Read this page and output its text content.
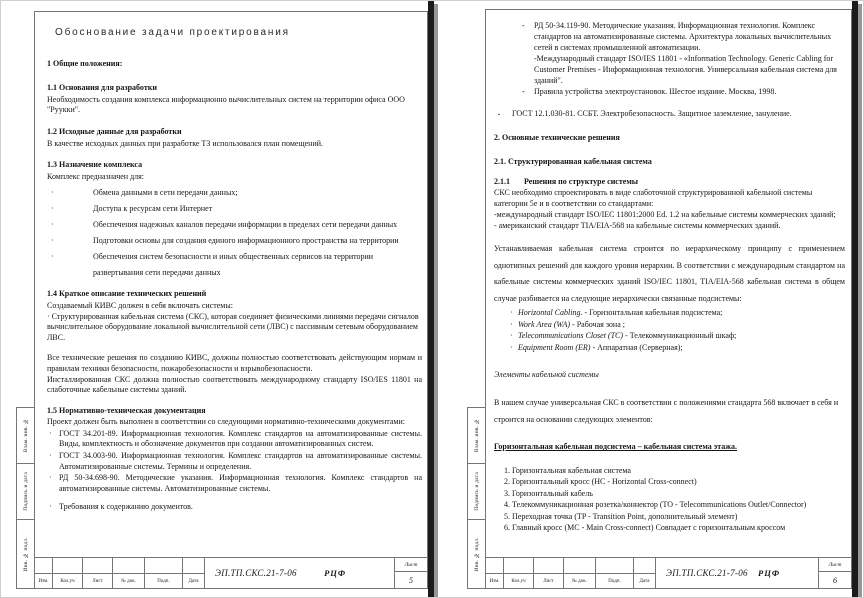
Взам. инв. №
Подпись и дата
Инв. № подл.
Взам. инв. №
Подпись и дата
Инв. № подл.
Обоснование задачи проектирования

1 Общие положения:

1.1 Основания для разработки

Необходимость создания комплекса информационно вычислительных систем на территории офиса ООО "Руукки".

1.2 Исходные данные для разработки

В качестве исходных данных при разработке ТЗ использовался план помещений.

1.3 Назначение комплекса

Комплекс предназначен для:

· Обмена данными в сети передачи данных;
· Доступа к ресурсам сети Интернет
· Обеспечения надежных каналов передачи информации в пределах сети передачи данных
· Подготовки основы для создания единого информационного пространства на территории
· Обеспечения систем безопасности и иных общественных сервисов на территории развертывания сети передачи данных

1.4 Краткое описание технических решений

Создаваемый КИВС должен в себя включать системы:

· Структурированная кабельная система (СКС), которая соединяет физическими линиями передачи сигналов вычислительное оборудование локальной вычислительной сети (ЛВС) с пассивным сетевым оборудованием ЛВС.

Все технические решения по созданию КИВС, должны полностью соответствовать действующим нормам и правилам техники безопасности, пожаробезопасности и взрывобезопасности.

Инсталлированная СКС должна полностью соответствовать международному стандарту ISO/IES 11801 на слаботочные кабельные системы зданий.

1.5 Нормативно-техническая документация

Проект должен быть выполнен в соответствии со следующими нормативно-техническими документами:

· ГОСТ 34.201-89. Информационная технология. Комплекс стандартов на автоматизированные системы. Виды, комплектность и обозначение документов при создании автоматизированных систем.
· ГОСТ 34.003-90. Информационная технология. Комплекс стандартов на автоматизированные системы. Автоматизированные системы. Термины и определения.
· РД 50-34.698-90. Методические указания. Информационная технология. Комплекс стандартов на автоматизированные системы. Автоматизированные системы.
· Требования к содержанию документов.
Изм.	Кол.уч	Лист	№ док.	Подп.	Дата
ЭП.ТП.СКС.21-7-06	РЦФ
Лист
5
- РД 50-34.119-90. Методические указания. Информационная технология. Комплекс стандартов на автоматизированные системы. Архитектура локальных вычислительных сетей в системах промышленной автоматизации.
-Международный стандарт ISO/IES 11801 - «Information Technology. Generic Cabling for Customer Premises - Информационная технология. Универсальная кабельная система для зданий".
- Правила устройства электроустановок. Шестое издание. Москва, 1998.
▪ ГОСТ 12.1.030-81. ССБТ. Электробезопасность. Защитное заземление, зануление.

2. Основные технические решения

2.1. Структурированная кабельная система

2.1.1 Решения по структуре системы

СКС необходимо спроектировать в виде слаботочной структурированной кабельной системы категории 5е и в соответствии со стандартами:

-международный стандарт ISO/IEC 11801:2000 Ed. 1.2 на кабельные системы коммерческих зданий;

- американский стандарт TIA/EIA-568 на кабельные системы коммерческих зданий.

Устанавливаемая кабельная система строится по иерархическому принципу с применением однотипных решений для каждого уровня иерархии. В соответствии с международным стандартом на кабельные системы коммерческих зданий ISO/IEC 11801, TIA/EIA-568 кабельная система в общем случае разбивается на следующие иерархически связанные подсистемы:

· Horizontal Cabling. - Горизонтальная кабельная подсистема;
· Work Area (WA) - Рабочая зона ;
· Telecommunications Closet (TC) - Телекоммуникационный шкаф;
· Equipment Room (ER) - Аппаратная (Серверная);

Элементы кабельной системы

В нашем случае универсальная СКС в соответствии с положениями стандарта 568 включает в себя и строится на основании следующих элементов:

Горизонтальная кабельная подсистема – кабельная система этажа.

1. Горизонтальная кабельная система
2. Горизонтальный кросс (HC - Horizontal Cross-connect)
3. Горизонтальный кабель
4. Телекоммуникационная розетка/коннектор (TO - Telecommunications Outlet/Connector)
5. Переходная точка (TP - Transition Point, дополнительный элемент)
6. Главный кросс (MC - Main Cross-connect) Совпадает с горизонтальным кроссом
Изм.	Кол.уч	Лист	№ док.	Подп.	Дата
ЭП.ТП.СКС.21-7-06 РЦФ
Лист
6
